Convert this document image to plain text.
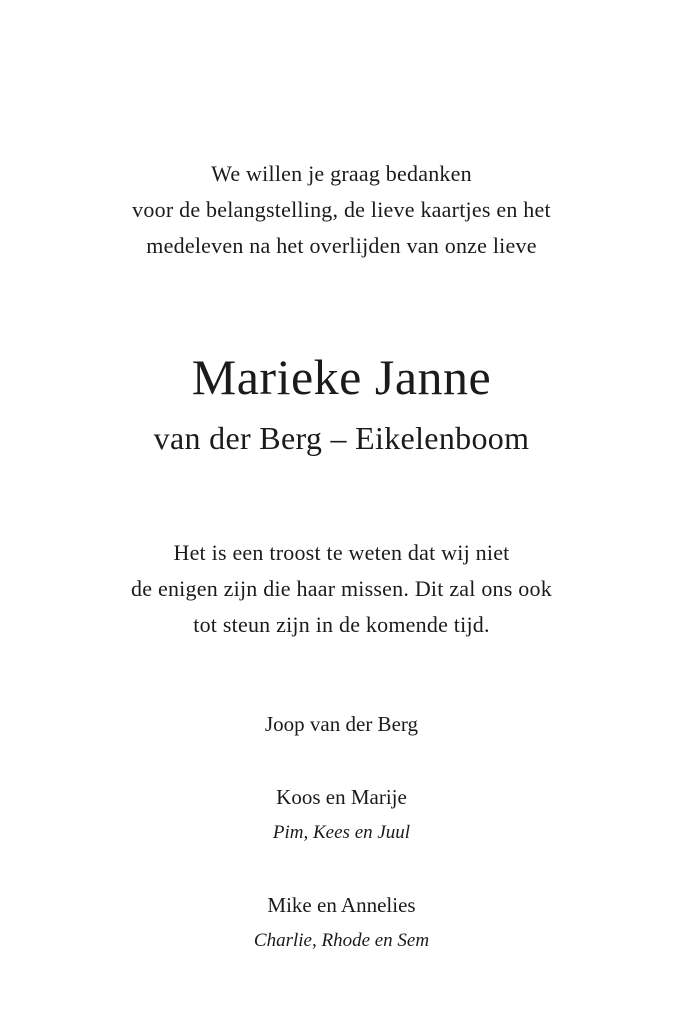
We willen je graag bedanken
voor de belangstelling, de lieve kaartjes en het
medeleven na het overlijden van onze lieve
Marieke Janne
van der Berg – Eikelenboom
Het is een troost te weten dat wij niet
de enigen zijn die haar missen. Dit zal ons ook
tot steun zijn in de komende tijd.
Joop van der Berg
Koos en Marije
Pim, Kees en Juul
Mike en Annelies
Charlie, Rhode en Sem
